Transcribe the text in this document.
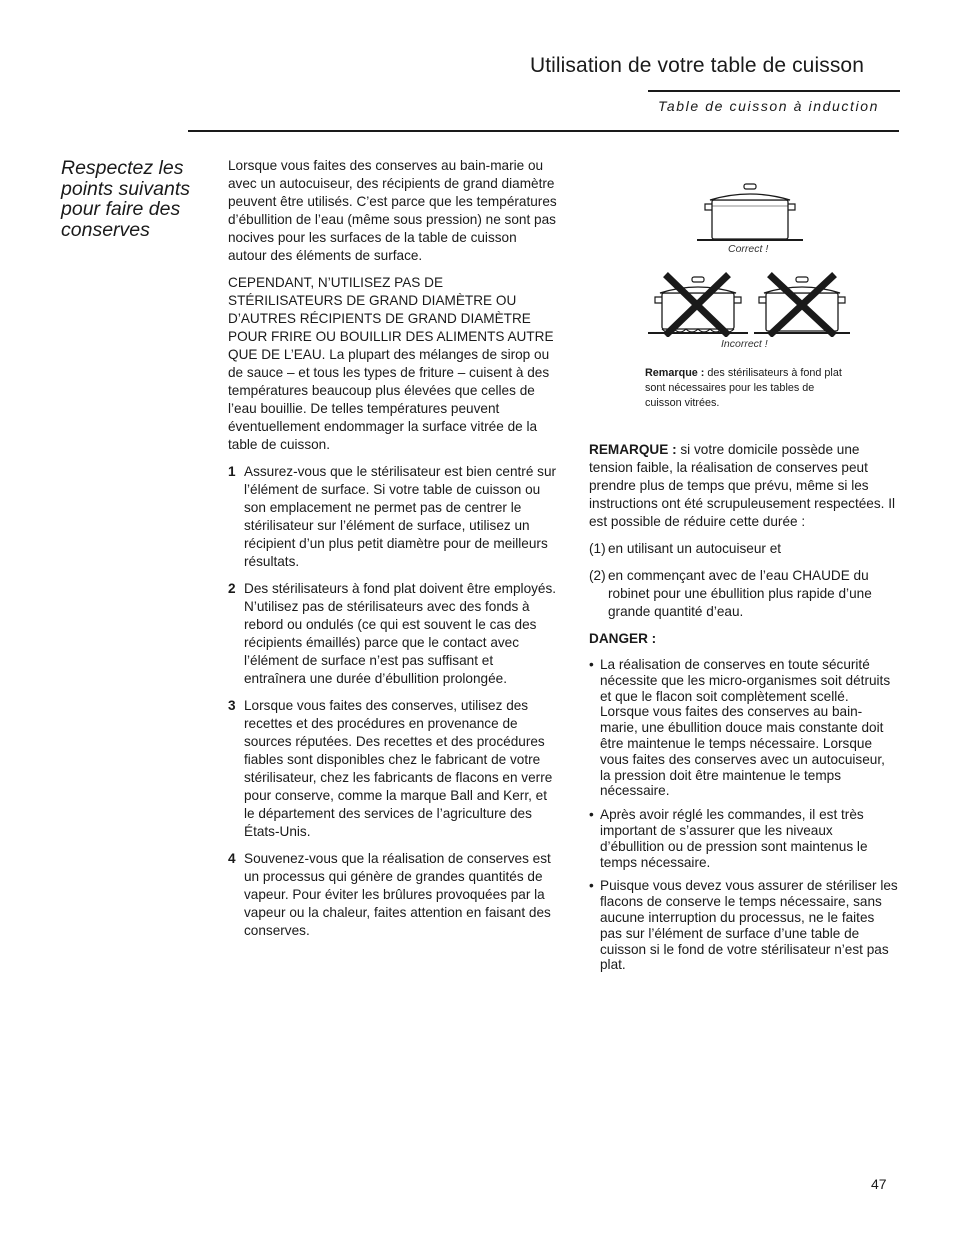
Utilisation de votre table de cuisson

Table de cuisson à induction

Respectez les points suivants pour faire des conserves

Lorsque vous faites des conserves au bain-marie ou avec un autocuiseur, des récipients de grand diamètre peuvent être utilisés. C’est parce que les températures d’ébullition de l’eau (même sous pression) ne sont pas nocives pour les surfaces de la table de cuisson autour des éléments de surface.

CEPENDANT, N’UTILISEZ PAS DE STÉRILISATEURS DE GRAND DIAMÈTRE OU D’AUTRES RÉCIPIENTS DE GRAND DIAMÈTRE POUR FRIRE OU BOUILLIR DES ALIMENTS AUTRE QUE DE L’EAU. La plupart des mélanges de sirop ou de sauce – et tous les types de friture – cuisent à des températures beaucoup plus élevées que celles de l’eau bouillie. De telles températures peuvent éventuellement endommager la surface vitrée de la table de cuisson.

1 Assurez-vous que le stérilisateur est bien centré sur l’élément de surface. Si votre table de cuisson ou son emplacement ne permet pas de centrer le stérilisateur sur l’élément de surface, utilisez un récipient d’un plus petit diamètre pour de meilleurs résultats.
2 Des stérilisateurs à fond plat doivent être employés. N’utilisez pas de stérilisateurs avec des fonds à rebord ou ondulés (ce qui est souvent le cas des récipients émaillés) parce que le contact avec l’élément de surface n’est pas suffisant et entraînera une durée d’ébullition prolongée.
3 Lorsque vous faites des conserves, utilisez des recettes et des procédures en provenance de sources réputées. Des recettes et des procédures fiables sont disponibles chez le fabricant de votre stérilisateur, chez les fabricants de flacons en verre pour conserve, comme la marque Ball and Kerr, et le département des services de l’agriculture des États-Unis.
4 Souvenez-vous que la réalisation de conserves est un processus qui génère de grandes quantités de vapeur. Pour éviter les brûlures provoquées par la vapeur ou la chaleur, faites attention en faisant des conserves.

Correct !

Incorrect !

Remarque : des stérilisateurs à fond plat sont nécessaires pour les tables de cuisson vitrées.

REMARQUE : si votre domicile possède une tension faible, la réalisation de conserves peut prendre plus de temps que prévu, même si les instructions ont été scrupuleusement respectées. Il est possible de réduire cette durée :

(1) en utilisant un autocuiseur et
(2) en commençant avec de l’eau CHAUDE du robinet pour une ébullition plus rapide d’une grande quantité d’eau.

DANGER :

• La réalisation de conserves en toute sécurité nécessite que les micro-organismes soit détruits et que le flacon soit complètement scellé. Lorsque vous faites des conserves au bain-marie, une ébullition douce mais constante doit être maintenue le temps nécessaire. Lorsque vous faites des conserves avec un autocuiseur, la pression doit être maintenue le temps nécessaire.
• Après avoir réglé les commandes, il est très important de s’assurer que les niveaux d’ébullition ou de pression sont maintenus le temps nécessaire.
• Puisque vous devez vous assurer de stériliser les flacons de conserve le temps nécessaire, sans aucune interruption du processus, ne le faites pas sur l’élément de surface d’une table de cuisson si le fond de votre stérilisateur n’est pas plat.

47
